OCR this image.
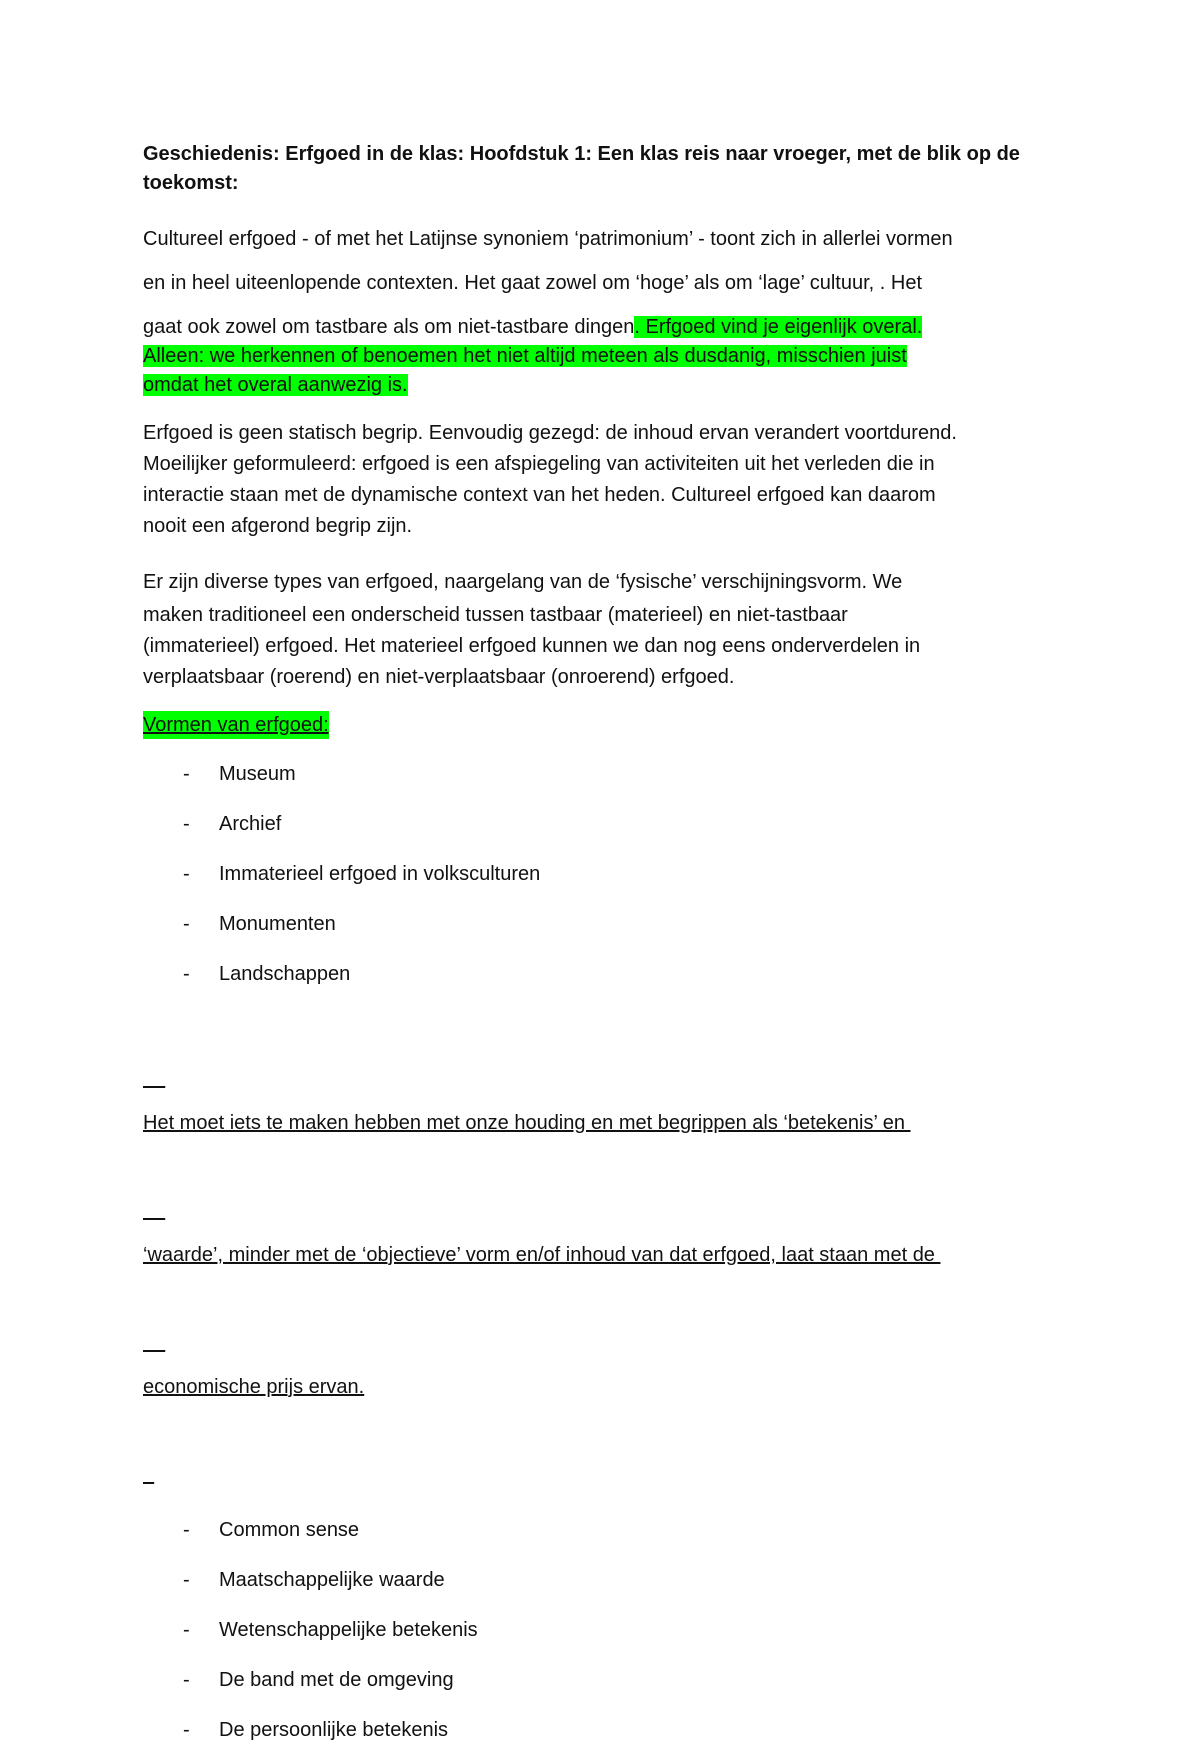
Geschiedenis: Erfgoed in de klas: Hoofdstuk 1: Een klas reis naar vroeger, met de blik op de toekomst:
Cultureel erfgoed - of met het Latijnse synoniem ‘patrimonium’ - toont zich in allerlei vormen
en in heel uiteenlopende contexten. Het gaat zowel om ‘hoge’ als om ‘lage’ cultuur, . Het
gaat ook zowel om tastbare als om niet-tastbare dingen. Erfgoed vind je eigenlijk overal.
Alleen: we herkennen of benoemen het niet altijd meteen als dusdanig, misschien juist
omdat het overal aanwezig is.
Erfgoed is geen statisch begrip. Eenvoudig gezegd: de inhoud ervan verandert voortdurend.
Moeilijker geformuleerd: erfgoed is een afspiegeling van activiteiten uit het verleden die in
interactie staan met de dynamische context van het heden. Cultureel erfgoed kan daarom
nooit een afgerond begrip zijn.
Er zijn diverse types van erfgoed, naargelang van de ‘fysische’ verschijningsvorm. We
maken traditioneel een onderscheid tussen tastbaar (materieel) en niet-tastbaar
(immaterieel) erfgoed. Het materieel erfgoed kunnen we dan nog eens onderverdelen in
verplaatsbaar (roerend) en niet-verplaatsbaar (onroerend) erfgoed.
Vormen van erfgoed:
-	Museum
-	Archief
-	Immaterieel erfgoed in volksculturen
-	Monumenten
-	Landschappen

Het moet iets te maken hebben met onze houding en met begrippen als ‘betekenis’ en

‘waarde’, minder met de ‘objectieve’ vorm en/of inhoud van dat erfgoed, laat staan met de

economische prijs ervan.

-	Common sense
-	Maatschappelijke waarde
-	Wetenschappelijke betekenis
-	De band met de omgeving
-	De persoonlijke betekenis
